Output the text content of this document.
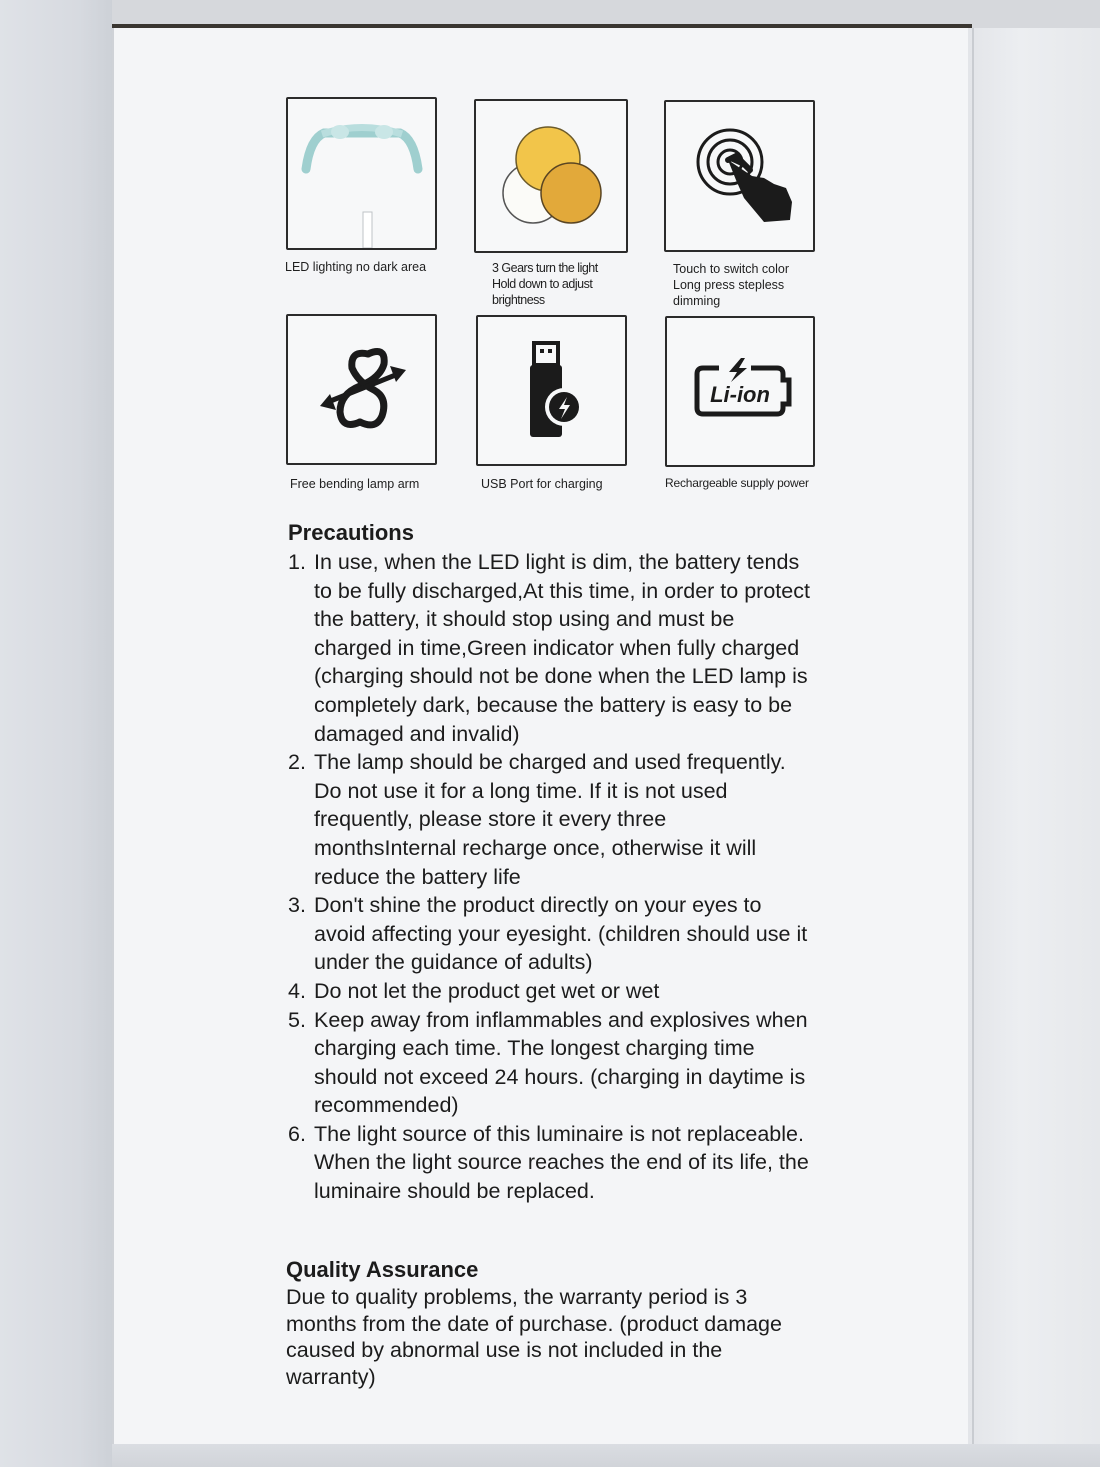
LED lighting no dark area	3 Gears turn the light
Hold down to adjust
brightness
Touch to switch color
Long press stepless
dimming
Free bending lamp arm	USB Port for charging
Li-ion
Rechargeable supply power
Precautions
1. In use, when the LED light is dim, the battery tends to be fully discharged,At this time, in order to protect the battery, it should stop using and must be charged in time,Green indicator when fully charged (charging should not be done when the LED lamp is completely dark, because the battery is easy to be damaged and invalid)
2. The lamp should be charged and used frequently. Do not use it for a long time. If it is not used frequently, please store it every three monthsInternal recharge once, otherwise it will reduce the battery life
3. Don't shine the product directly on your eyes to avoid affecting your eyesight. (children should use it under the guidance of adults)
4. Do not let the product get wet or wet
5. Keep away from inflammables and explosives when charging each time. The longest charging time should not exceed 24 hours. (charging in daytime is recommended)
6. The light source of this luminaire is not replaceable. When the light source reaches the end of its life, the luminaire should be replaced.
Quality Assurance
Due to quality problems, the warranty period is 3 months from the date of purchase. (product damage caused by abnormal use is not included in the warranty)
